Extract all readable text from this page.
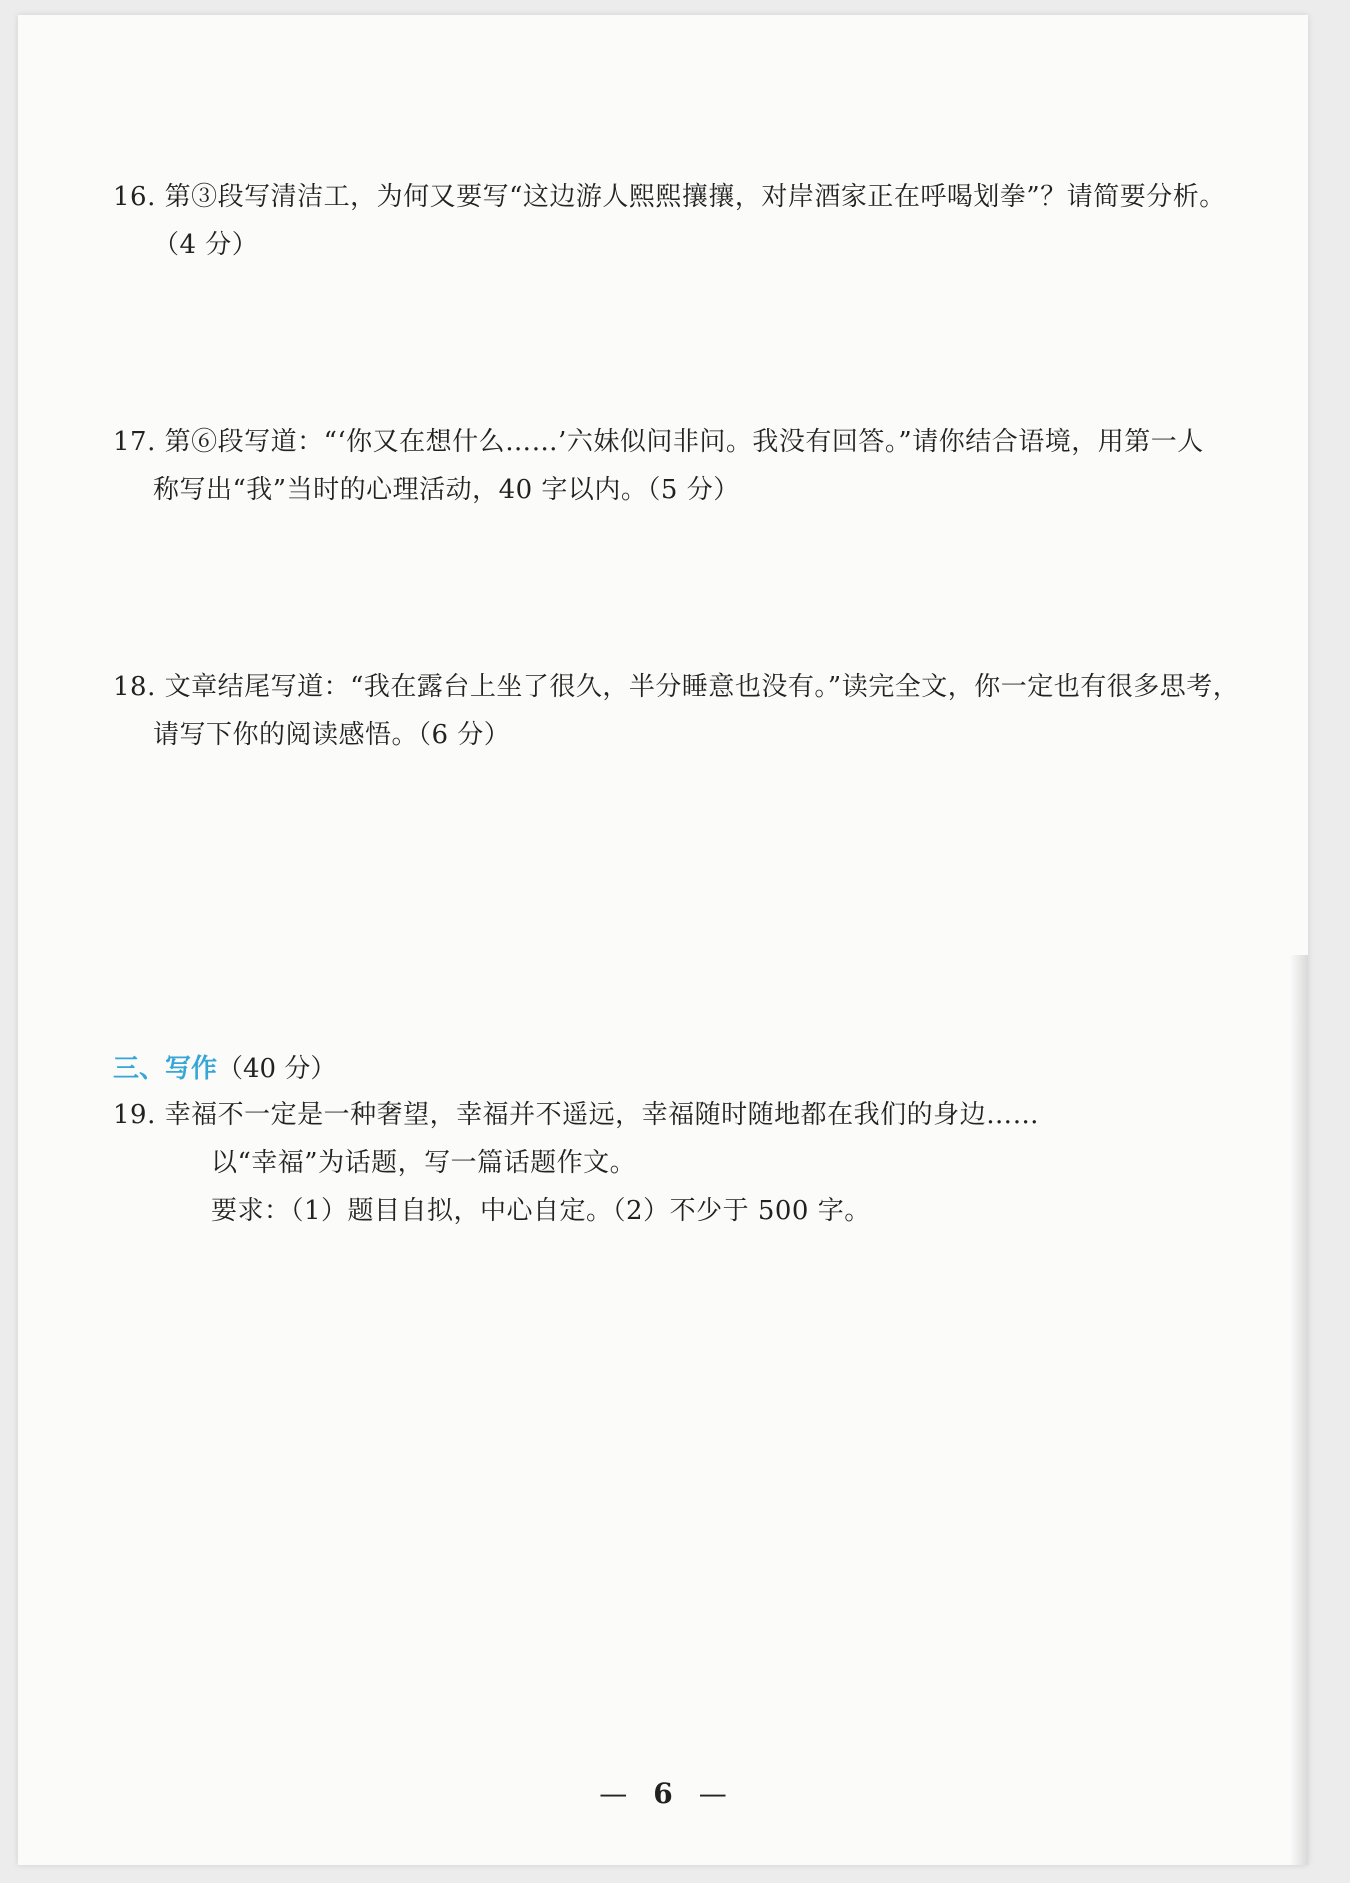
16. 第③段写清洁工，为何又要写“这边游人熙熙攘攘，对岸酒家正在呼喝划拳”？请简要分析。
（4 分）
17. 第⑥段写道：“‘你又在想什么……’六妹似问非问。我没有回答。”请你结合语境，用第一人
称写出“我”当时的心理活动，40 字以内。（5 分）
18. 文章结尾写道：“我在露台上坐了很久，半分睡意也没有。”读完全文，你一定也有很多思考，
请写下你的阅读感悟。（6 分）
三、写作（40 分）
19. 幸福不一定是一种奢望，幸福并不遥远，幸福随时随地都在我们的身边……
以“幸福”为话题，写一篇话题作文。
要求：（1）题目自拟，中心自定。（2）不少于 500 字。
— 6 —
